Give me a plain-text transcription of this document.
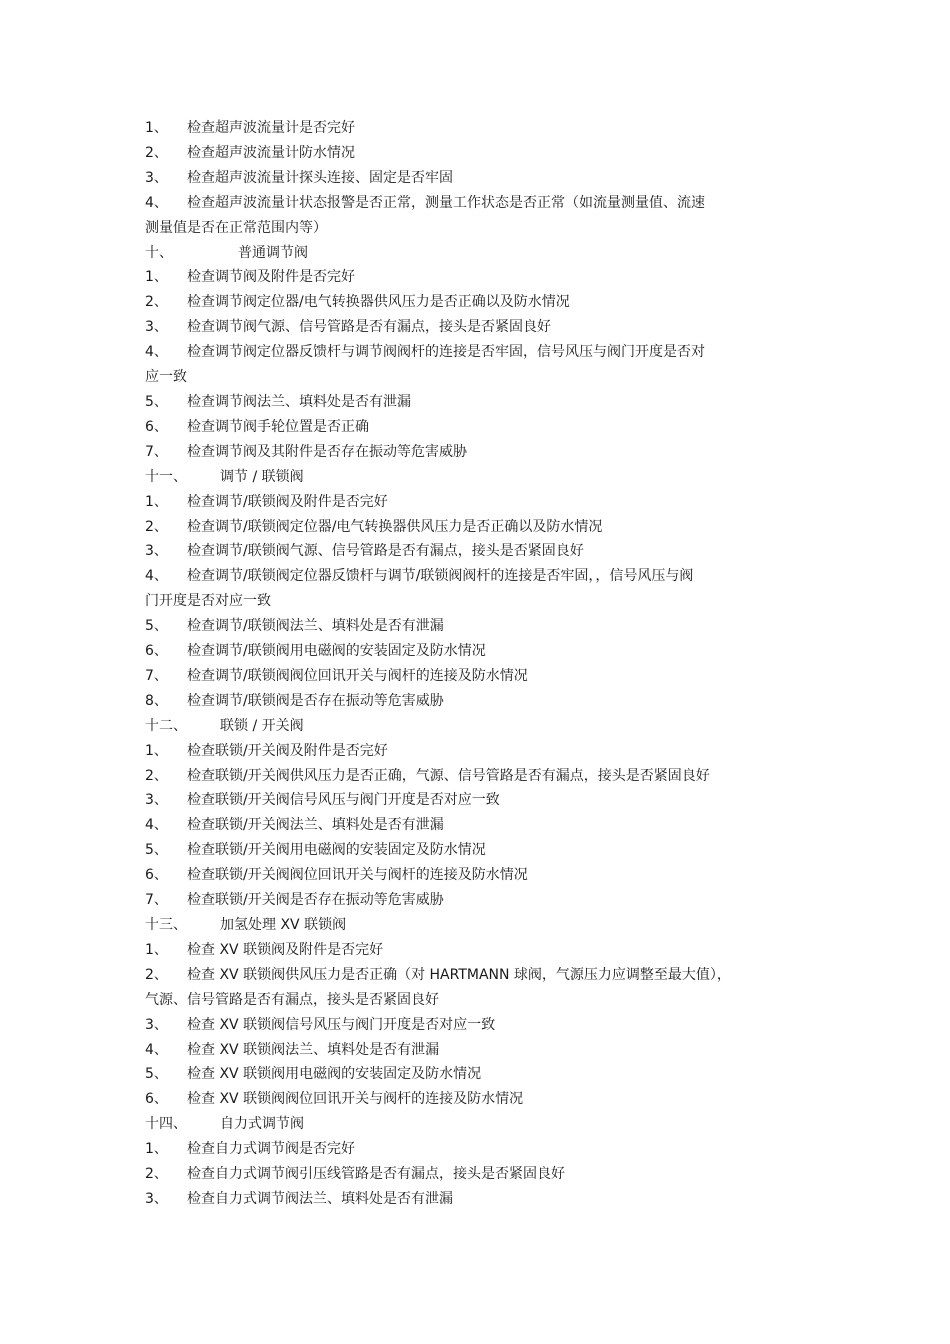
1、	检查超声波流量计是否完好
2、	检查超声波流量计防水情况
3、	检查超声波流量计探头连接、固定是否牢固
4、	检查超声波流量计状态报警是否正常，测量工作状态是否正常（如流量测量值、流速
测量值是否在正常范围内等）
十、	普通调节阀
1、	检查调节阀及附件是否完好
2、	检查调节阀定位器/电气转换器供风压力是否正确以及防水情况
3、	检查调节阀气源、信号管路是否有漏点，接头是否紧固良好
4、	检查调节阀定位器反馈杆与调节阀阀杆的连接是否牢固，信号风压与阀门开度是否对
应一致
5、	检查调节阀法兰、填料处是否有泄漏
6、	检查调节阀手轮位置是否正确
7、	检查调节阀及其附件是否存在振动等危害威胁
十一、	调节 / 联锁阀
1、	检查调节/联锁阀及附件是否完好
2、	检查调节/联锁阀定位器/电气转换器供风压力是否正确以及防水情况
3、	检查调节/联锁阀气源、信号管路是否有漏点，接头是否紧固良好
4、	检查调节/联锁阀定位器反馈杆与调节/联锁阀阀杆的连接是否牢固，，信号风压与阀
门开度是否对应一致
5、	检查调节/联锁阀法兰、填料处是否有泄漏
6、	检查调节/联锁阀用电磁阀的安装固定及防水情况
7、	检查调节/联锁阀阀位回讯开关与阀杆的连接及防水情况
8、	检查调节/联锁阀是否存在振动等危害威胁
十二、	联锁 / 开关阀
1、	检查联锁/开关阀及附件是否完好
2、	检查联锁/开关阀供风压力是否正确，气源、信号管路是否有漏点，接头是否紧固良好
3、	检查联锁/开关阀信号风压与阀门开度是否对应一致
4、	检查联锁/开关阀法兰、填料处是否有泄漏
5、	检查联锁/开关阀用电磁阀的安装固定及防水情况
6、	检查联锁/开关阀阀位回讯开关与阀杆的连接及防水情况
7、	检查联锁/开关阀是否存在振动等危害威胁
十三、	加氢处理 XV 联锁阀
1、	检查 XV 联锁阀及附件是否完好
2、	检查 XV 联锁阀供风压力是否正确（对 HARTMANN 球阀，气源压力应调整至最大值），
气源、信号管路是否有漏点，接头是否紧固良好
3、	检查 XV 联锁阀信号风压与阀门开度是否对应一致
4、	检查 XV 联锁阀法兰、填料处是否有泄漏
5、	检查 XV 联锁阀用电磁阀的安装固定及防水情况
6、	检查 XV 联锁阀阀位回讯开关与阀杆的连接及防水情况
十四、	自力式调节阀
1、	检查自力式调节阀是否完好
2、	检查自力式调节阀引压线管路是否有漏点，接头是否紧固良好
3、	检查自力式调节阀法兰、填料处是否有泄漏
